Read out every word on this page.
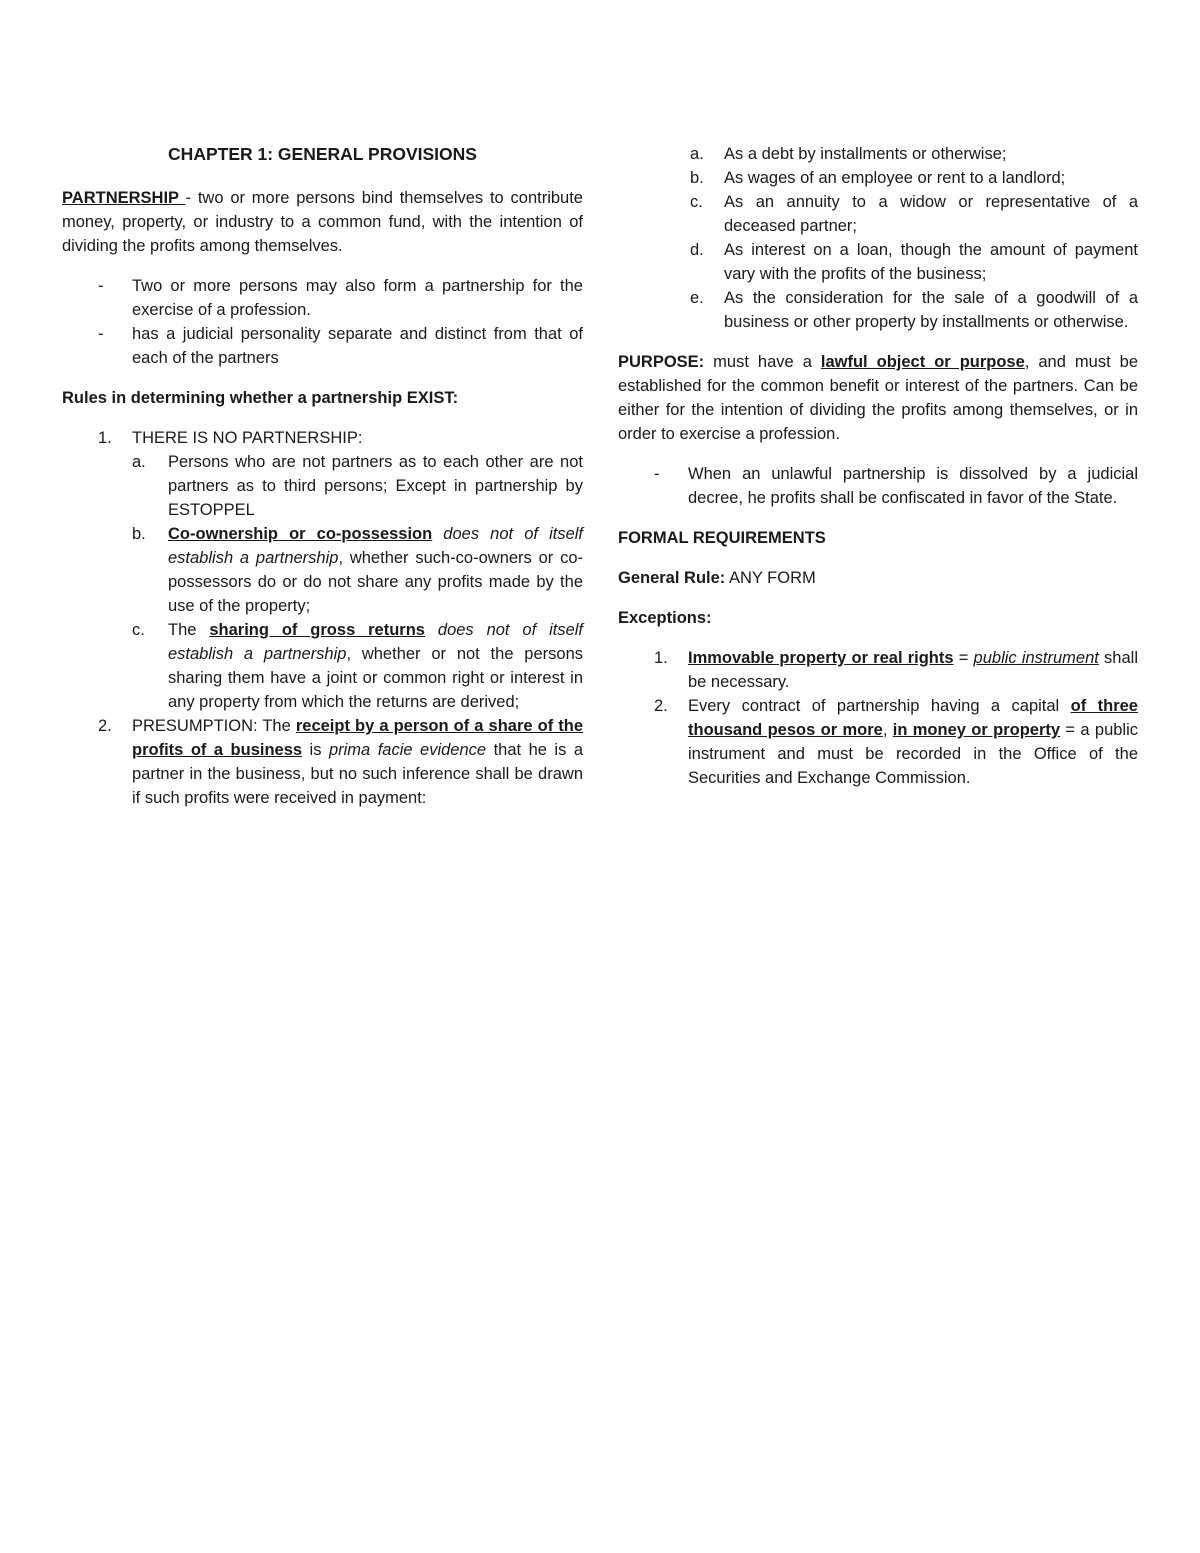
CHAPTER 1: GENERAL PROVISIONS

PARTNERSHIP - two or more persons bind themselves to contribute money, property, or industry to a common fund, with the intention of dividing the profits among themselves.

- Two or more persons may also form a partnership for the exercise of a profession.
- has a judicial personality separate and distinct from that of each of the partners

Rules in determining whether a partnership EXIST:

1. THERE IS NO PARTNERSHIP:
a. Persons who are not partners as to each other are not partners as to third persons; Except in partnership by ESTOPPEL
b. Co-ownership or co-possession does not of itself establish a partnership, whether such-co-owners or co-possessors do or do not share any profits made by the use of the property;
c. The sharing of gross returns does not of itself establish a partnership, whether or not the persons sharing them have a joint or common right or interest in any property from which the returns are derived;
2. PRESUMPTION: The receipt by a person of a share of the profits of a business is prima facie evidence that he is a partner in the business, but no such inference shall be drawn if such profits were received in payment:
a. As a debt by installments or otherwise;
b. As wages of an employee or rent to a landlord;
c. As an annuity to a widow or representative of a deceased partner;
d. As interest on a loan, though the amount of payment vary with the profits of the business;
e. As the consideration for the sale of a goodwill of a business or other property by installments or otherwise.

PURPOSE: must have a lawful object or purpose, and must be established for the common benefit or interest of the partners. Can be either for the intention of dividing the profits among themselves, or in order to exercise a profession.

- When an unlawful partnership is dissolved by a judicial decree, he profits shall be confiscated in favor of the State.

FORMAL REQUIREMENTS

General Rule: ANY FORM

Exceptions:

1. Immovable property or real rights = public instrument shall be necessary.
2. Every contract of partnership having a capital of three thousand pesos or more, in money or property = a public instrument and must be recorded in the Office of the Securities and Exchange Commission.
